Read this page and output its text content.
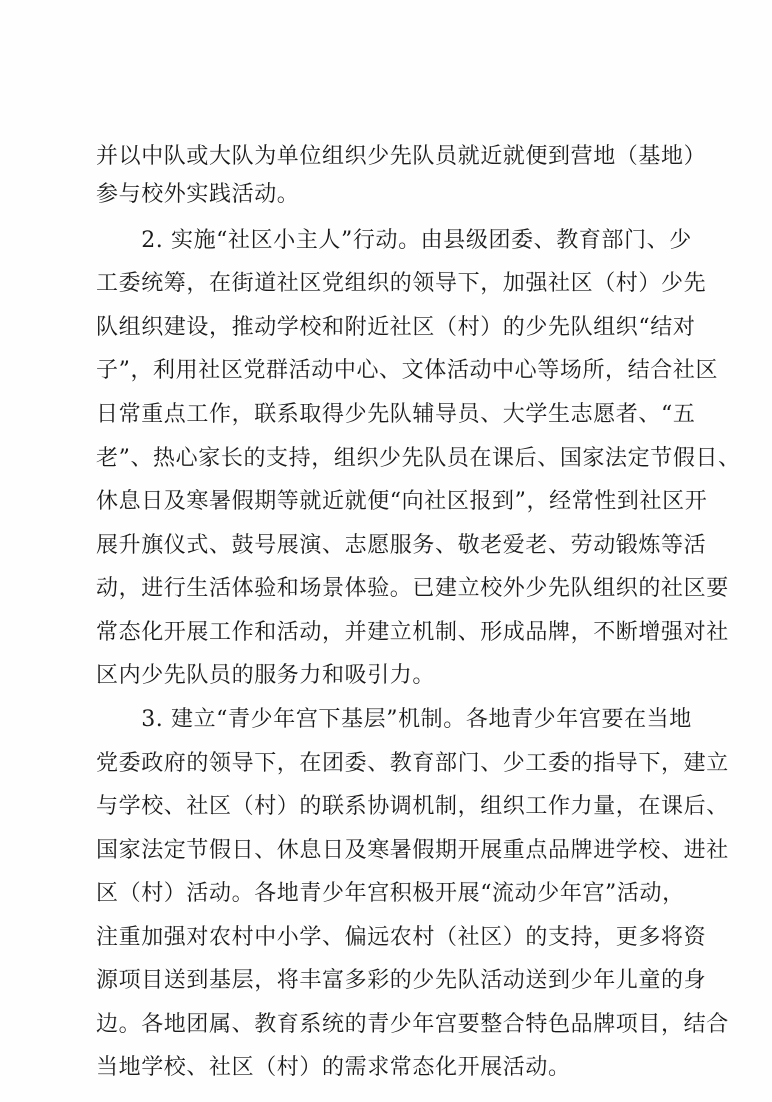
并以中队或大队为单位组织少先队员就近就便到营地（基地）
参与校外实践活动。
　　2. 实施“社区小主人”行动。由县级团委、教育部门、少
工委统筹，在街道社区党组织的领导下，加强社区（村）少先
队组织建设，推动学校和附近社区（村）的少先队组织“结对
子”，利用社区党群活动中心、文体活动中心等场所，结合社区
日常重点工作，联系取得少先队辅导员、大学生志愿者、“五
老”、热心家长的支持，组织少先队员在课后、国家法定节假日、
休息日及寒暑假期等就近就便“向社区报到”，经常性到社区开
展升旗仪式、鼓号展演、志愿服务、敬老爱老、劳动锻炼等活
动，进行生活体验和场景体验。已建立校外少先队组织的社区要
常态化开展工作和活动，并建立机制、形成品牌，不断增强对社
区内少先队员的服务力和吸引力。
　　3. 建立“青少年宫下基层”机制。各地青少年宫要在当地
党委政府的领导下，在团委、教育部门、少工委的指导下，建立
与学校、社区（村）的联系协调机制，组织工作力量，在课后、
国家法定节假日、休息日及寒暑假期开展重点品牌进学校、进社
区（村）活动。各地青少年宫积极开展“流动少年宫”活动，
注重加强对农村中小学、偏远农村（社区）的支持，更多将资
源项目送到基层，将丰富多彩的少先队活动送到少年儿童的身
边。各地团属、教育系统的青少年宫要整合特色品牌项目，结合
当地学校、社区（村）的需求常态化开展活动。
